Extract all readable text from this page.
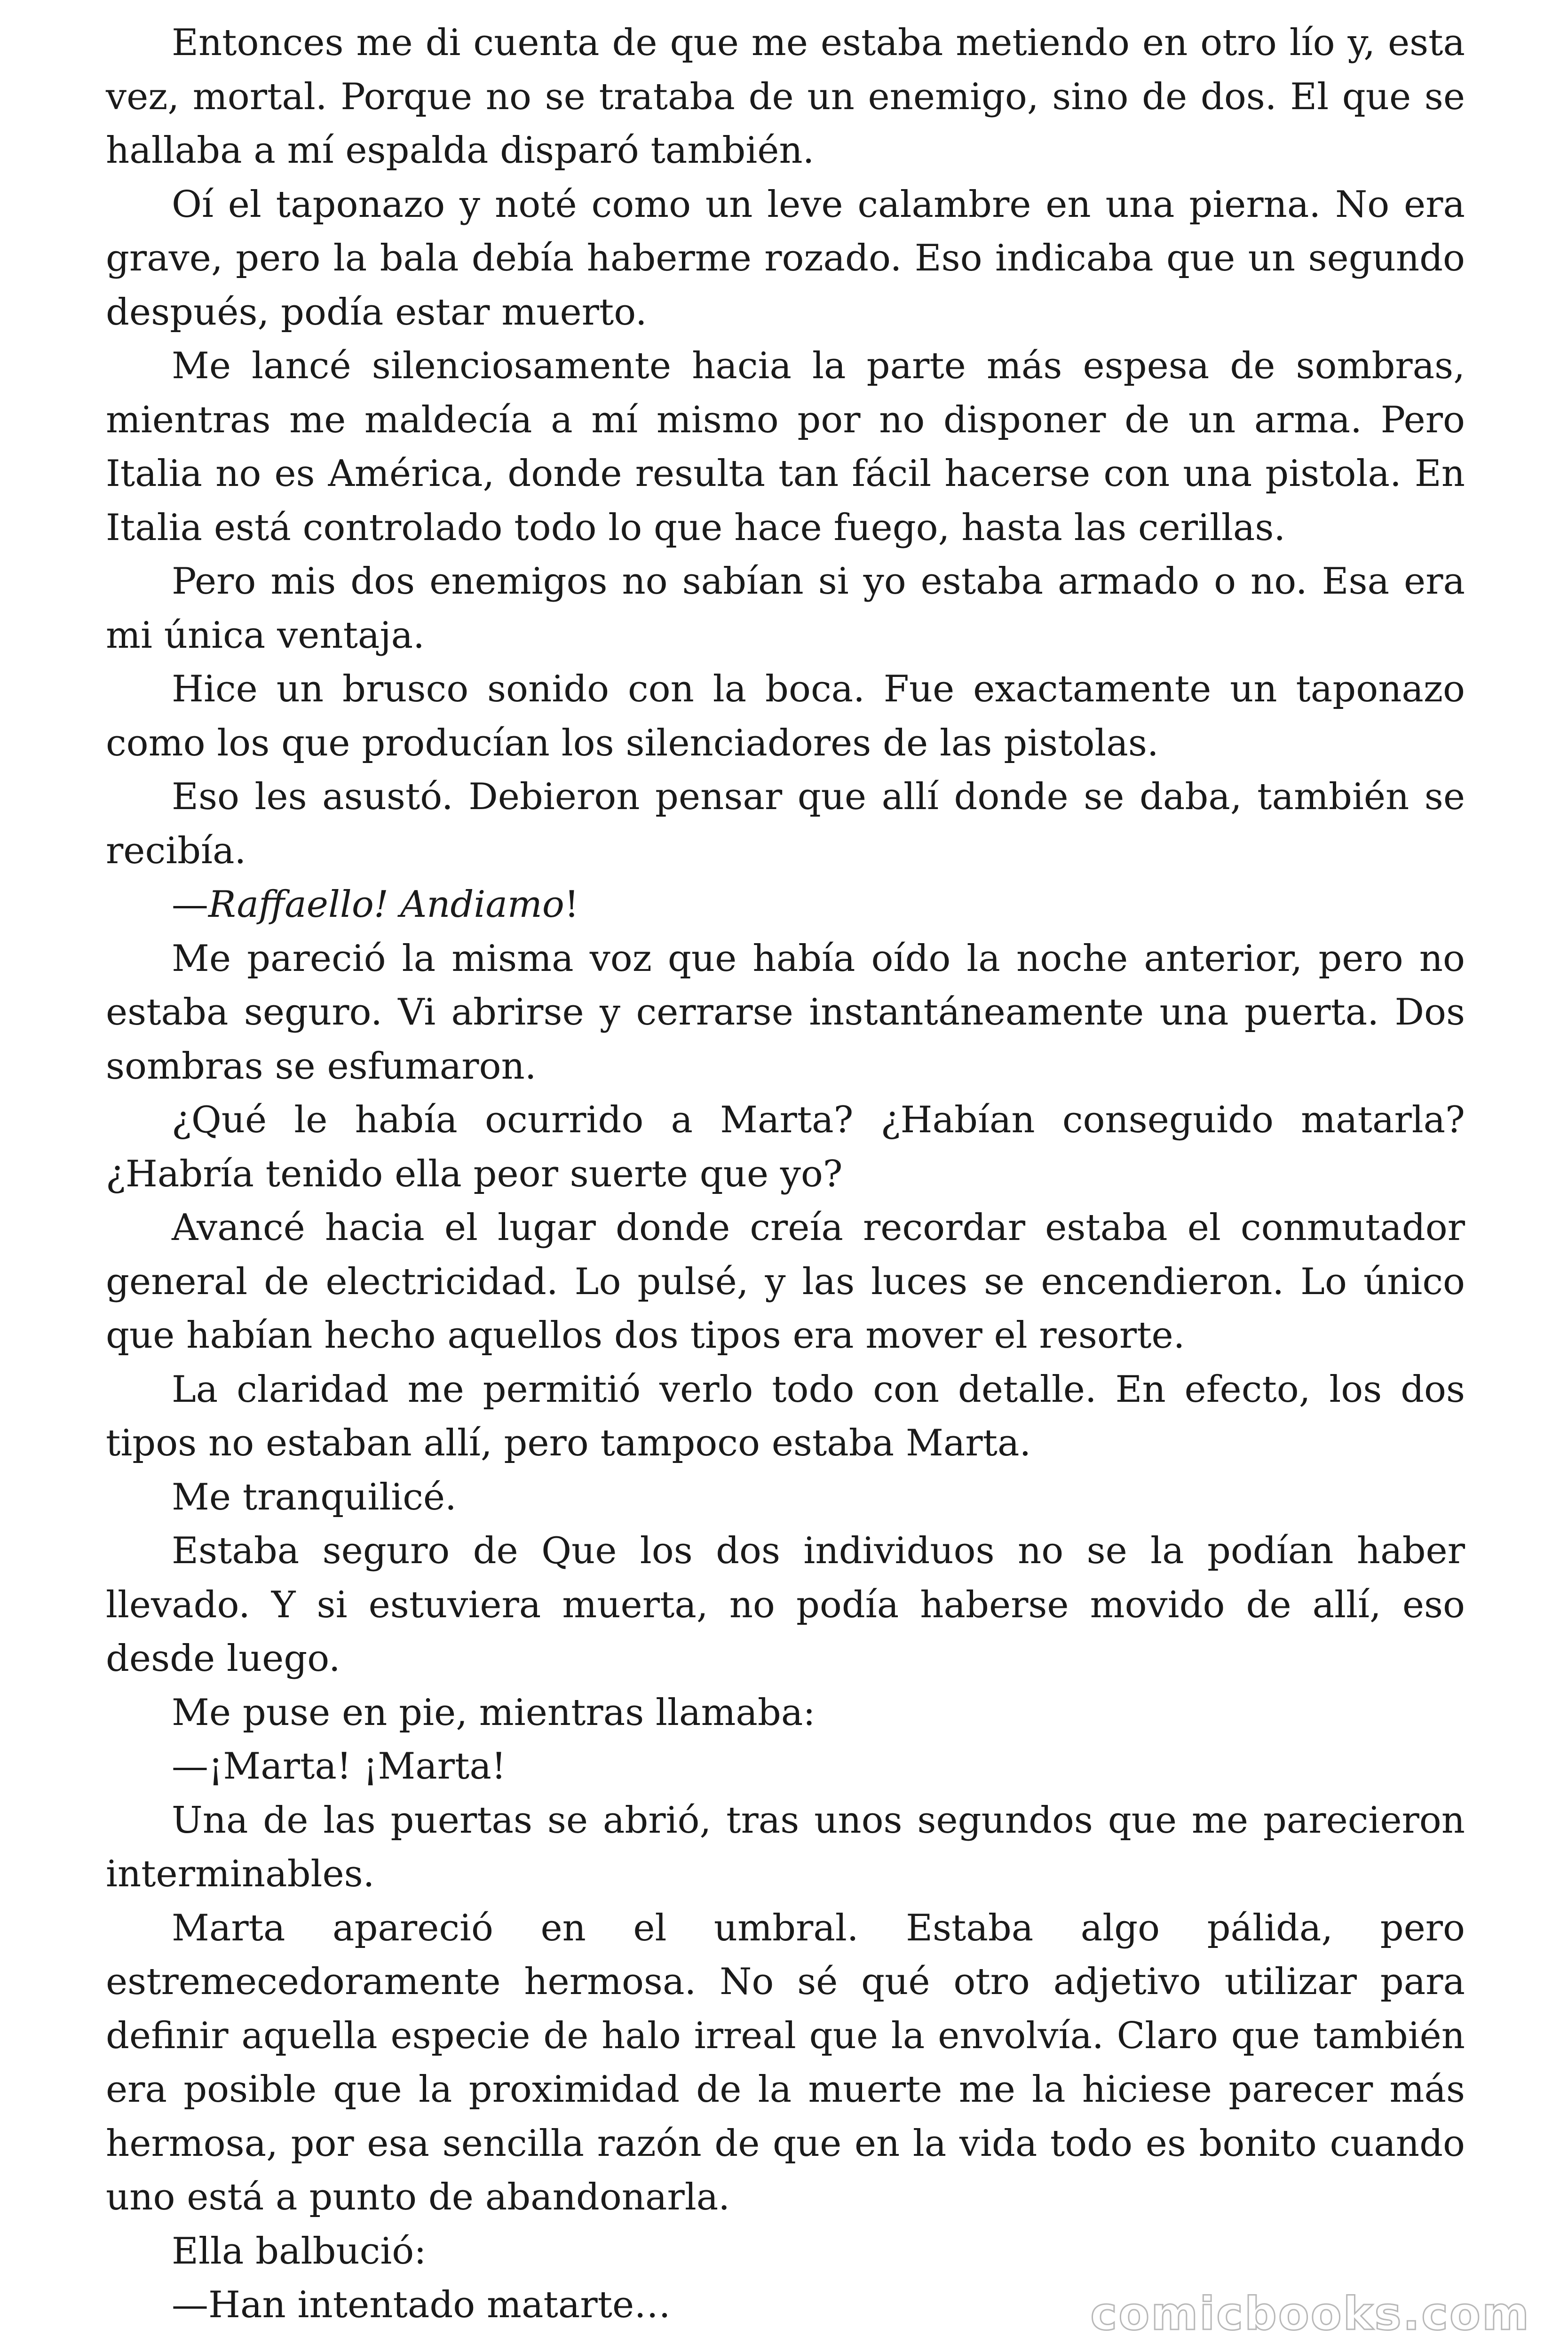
Entonces me di cuenta de que me estaba metiendo en otro lío y, esta vez, mortal. Porque no se trataba de un enemigo, sino de dos. El que se hallaba a mí espalda disparó también.

Oí el taponazo y noté como un leve calambre en una pierna. No era grave, pero la bala debía haberme rozado. Eso indicaba que un segundo después, podía estar muerto.

Me lancé silenciosamente hacia la parte más espesa de sombras, mientras me maldecía a mí mismo por no disponer de un arma. Pero Italia no es América, donde resulta tan fácil hacerse con una pistola. En Italia está controlado todo lo que hace fuego, hasta las cerillas.

Pero mis dos enemigos no sabían si yo estaba armado o no. Esa era mi única ventaja.

Hice un brusco sonido con la boca. Fue exactamente un taponazo como los que producían los silenciadores de las pistolas.

Eso les asustó. Debieron pensar que allí donde se daba, también se recibía.

—Raffaello! Andiamo!

Me pareció la misma voz que había oído la noche anterior, pero no estaba seguro. Vi abrirse y cerrarse instantáneamente una puerta. Dos sombras se esfumaron.

¿Qué le había ocurrido a Marta? ¿Habían conseguido matarla? ¿Habría tenido ella peor suerte que yo?

Avancé hacia el lugar donde creía recordar estaba el conmutador general de electricidad. Lo pulsé, y las luces se encendieron. Lo único que habían hecho aquellos dos tipos era mover el resorte.

La claridad me permitió verlo todo con detalle. En efecto, los dos tipos no estaban allí, pero tampoco estaba Marta.

Me tranquilicé.

Estaba seguro de Que los dos individuos no se la podían haber llevado. Y si estuviera muerta, no podía haberse movido de allí, eso desde luego.

Me puse en pie, mientras llamaba:

—¡Marta! ¡Marta!

Una de las puertas se abrió, tras unos segundos que me parecieron interminables.

Marta apareció en el umbral. Estaba algo pálida, pero estremecedoramente hermosa. No sé qué otro adjetivo utilizar para definir aquella especie de halo irreal que la envolvía. Claro que también era posible que la proximidad de la muerte me la hiciese parecer más hermosa, por esa sencilla razón de que en la vida todo es bonito cuando uno está a punto de abandonarla.

Ella balbució:

—Han intentado matarte…	comicbooks.com
